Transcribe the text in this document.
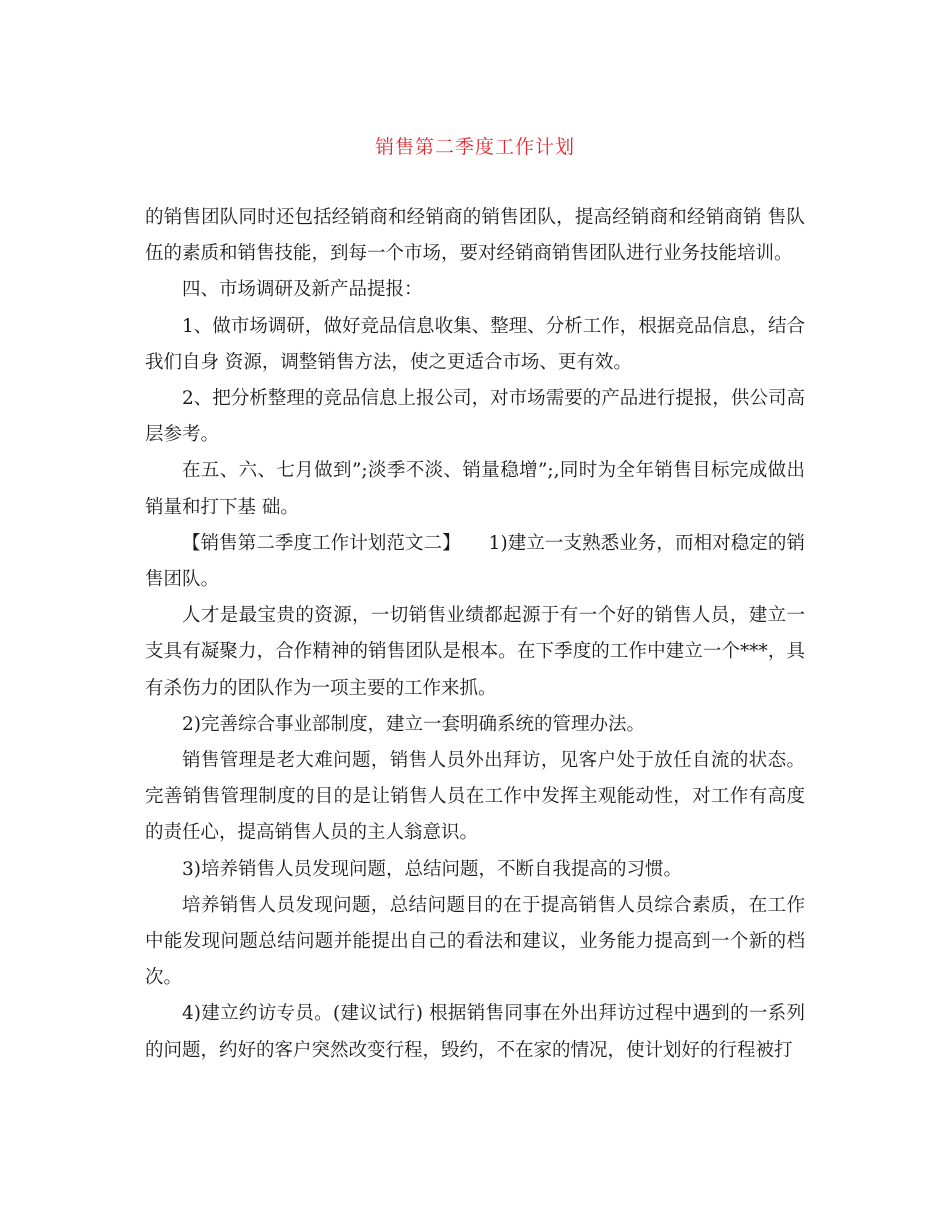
销售第二季度工作计划

的销售团队同时还包括经销商和经销商的销售团队，提高经销商和经销商销 售队伍的素质和销售技能，到每一个市场，要对经销商销售团队进行业务技能培训。

四、市场调研及新产品提报：

1、做市场调研，做好竞品信息收集、整理、分析工作，根据竞品信息，结合我们自身 资源，调整销售方法，使之更适合市场、更有效。

2、把分析整理的竞品信息上报公司，对市场需要的产品进行提报，供公司高层参考。

在五、六、七月做到”;淡季不淡、销量稳增”;,同时为全年销售目标完成做出销量和打下基 础。

【销售第二季度工作计划范文二】　　1)建立一支熟悉业务，而相对稳定的销售团队。

人才是最宝贵的资源，一切销售业绩都起源于有一个好的销售人员，建立一支具有凝聚力，合作精神的销售团队是根本。在下季度的工作中建立一个***，具有杀伤力的团队作为一项主要的工作来抓。

2)完善综合事业部制度，建立一套明确系统的管理办法。

销售管理是老大难问题，销售人员外出拜访，见客户处于放任自流的状态。完善销售管理制度的目的是让销售人员在工作中发挥主观能动性，对工作有高度的责任心，提高销售人员的主人翁意识。

3)培养销售人员发现问题，总结问题，不断自我提高的习惯。

培养销售人员发现问题，总结问题目的在于提高销售人员综合素质，在工作中能发现问题总结问题并能提出自己的看法和建议，业务能力提高到一个新的档次。

4)建立约访专员。(建议试行) 根据销售同事在外出拜访过程中遇到的一系列的问题，约好的客户突然改变行程，毁约，不在家的情况，使计划好的行程被打
